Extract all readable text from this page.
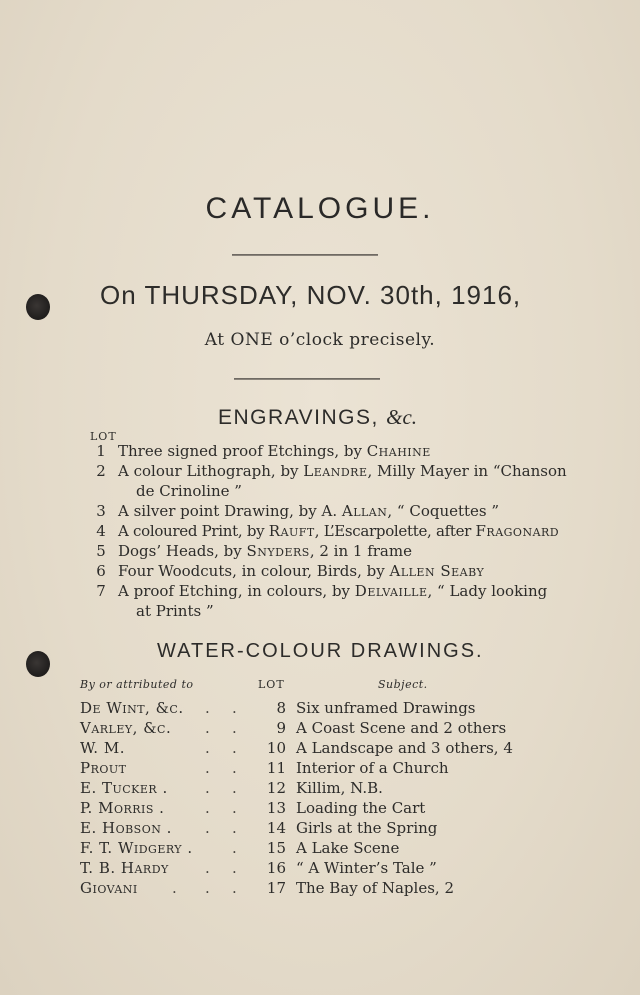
CATALOGUE.
On THURSDAY, NOV. 30th, 1916,
At ONE o’clock precisely.
ENGRAVINGS, &c.
LOT
1 Three signed proof Etchings, by Chahine
2 A colour Lithograph, by Leandre, Milly Mayer in “Chanson
de Crinoline ”
3 A silver point Drawing, by A. Allan, “ Coquettes ”
4 A coloured Print, by Rauft, L’Escarpolette, after Fragonard
5 Dogs’ Heads, by Snyders, 2 in 1 frame
6 Four Woodcuts, in colour, Birds, by Allen Seaby
7 A proof Etching, in colours, by Delvaille, “ Lady looking
at Prints ”
WATER-COLOUR DRAWINGS.
By or attributed to	LOT	Subject.
De Wint, &c. . .	8 Six unframed Drawings
Varley, &c. . .	9 A Coast Scene and 2 others
W. M.	. .	10 A Landscape and 3 others, 4
Prout	. .	11 Interior of a Church
E. Tucker . . .	12 Killim, N.B.
P. Morris .	. .	13 Loading the Cart
E. Hobson . . .	14 Girls at the Spring
F. T. Widgery .	.	15 A Lake Scene
T. B. Hardy . .	16 “ A Winter’s Tale ”
Giovani . . .	17 The Bay of Naples, 2
